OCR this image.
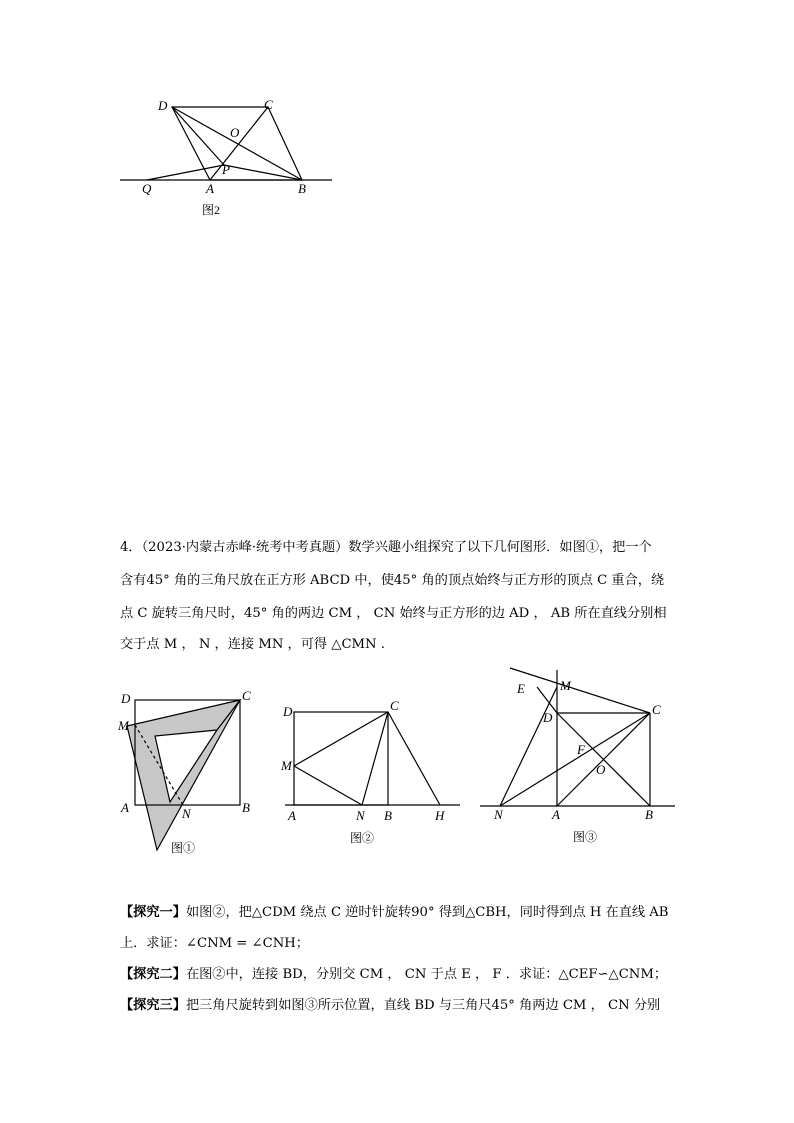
D	C
O
P
Q	A	B
图2
4．（2023·内蒙古赤峰·统考中考真题）数学兴趣小组探究了以下几何图形．如图①，把一个
含有45° 角的三角尺放在正方形 ABCD 中，使45° 角的顶点始终与正方形的顶点 C 重合，绕
点 C 旋转三角尺时，45° 角的两边 CM ， CN 始终与正方形的边 AD ， AB 所在直线分别相
交于点 M ， N ，连接 MN ，可得 △CMN .
D	C
M
A	N	B
图①
D	C
M
A	N B	H
图②
E	M
D
C
F
O
N	A	B
图③
【探究一】如图②，把△CDM 绕点 C 逆时针旋转90° 得到△CBH，同时得到点 H 在直线 AB
上．求证：∠CNM = ∠CNH；
【探究二】在图②中，连接 BD，分别交 CM ， CN 于点 E ， F ．求证：△CEF∽△CNM；
【探究三】把三角尺旋转到如图③所示位置，直线 BD 与三角尺45° 角两边 CM ， CN 分别
